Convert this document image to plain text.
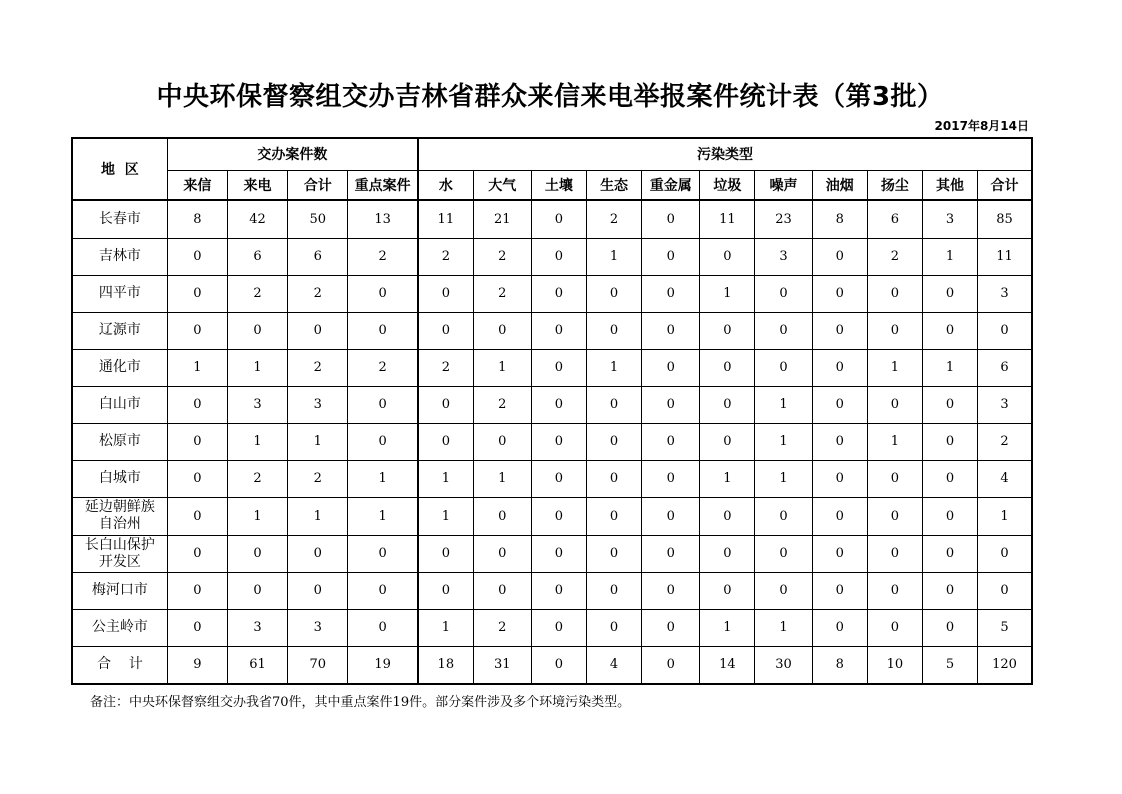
中央环保督察组交办吉林省群众来信来电举报案件统计表（第3批）
2017年8月14日
地  区	交办案件数				污染类型										
	来信	来电	合计	重点案件	水	大气	土壤	生态	重金属	垃圾	噪声	油烟	扬尘	其他	合计
长春市	8	42	50	13	11	21	0	2	0	11	23	8	6	3	85
吉林市	0	6	6	2	2	2	0	1	0	0	3	0	2	1	11
四平市	0	2	2	0	0	2	0	0	0	1	0	0	0	0	3
辽源市	0	0	0	0	0	0	0	0	0	0	0	0	0	0	0
通化市	1	1	2	2	2	1	0	1	0	0	0	0	1	1	6
白山市	0	3	3	0	0	2	0	0	0	0	1	0	0	0	3
松原市	0	1	1	0	0	0	0	0	0	0	1	0	1	0	2
白城市	0	2	2	1	1	1	0	0	0	1	1	0	0	0	4

延边朝鲜族
自治州	0	1	1	1	1	0	0	0	0	0	0	0	0	0	1

长白山保护
开发区	0	0	0	0	0	0	0	0	0	0	0	0	0	0	0
梅河口市	0	0	0	0	0	0	0	0	0	0	0	0	0	0	0
公主岭市	0	3	3	0	1	2	0	0	0	1	1	0	0	0	5
合    计	9	61	70	19	18	31	0	4	0	14	30	8	10	5	120
备注：中央环保督察组交办我省70件，其中重点案件19件。部分案件涉及多个环境污染类型。
